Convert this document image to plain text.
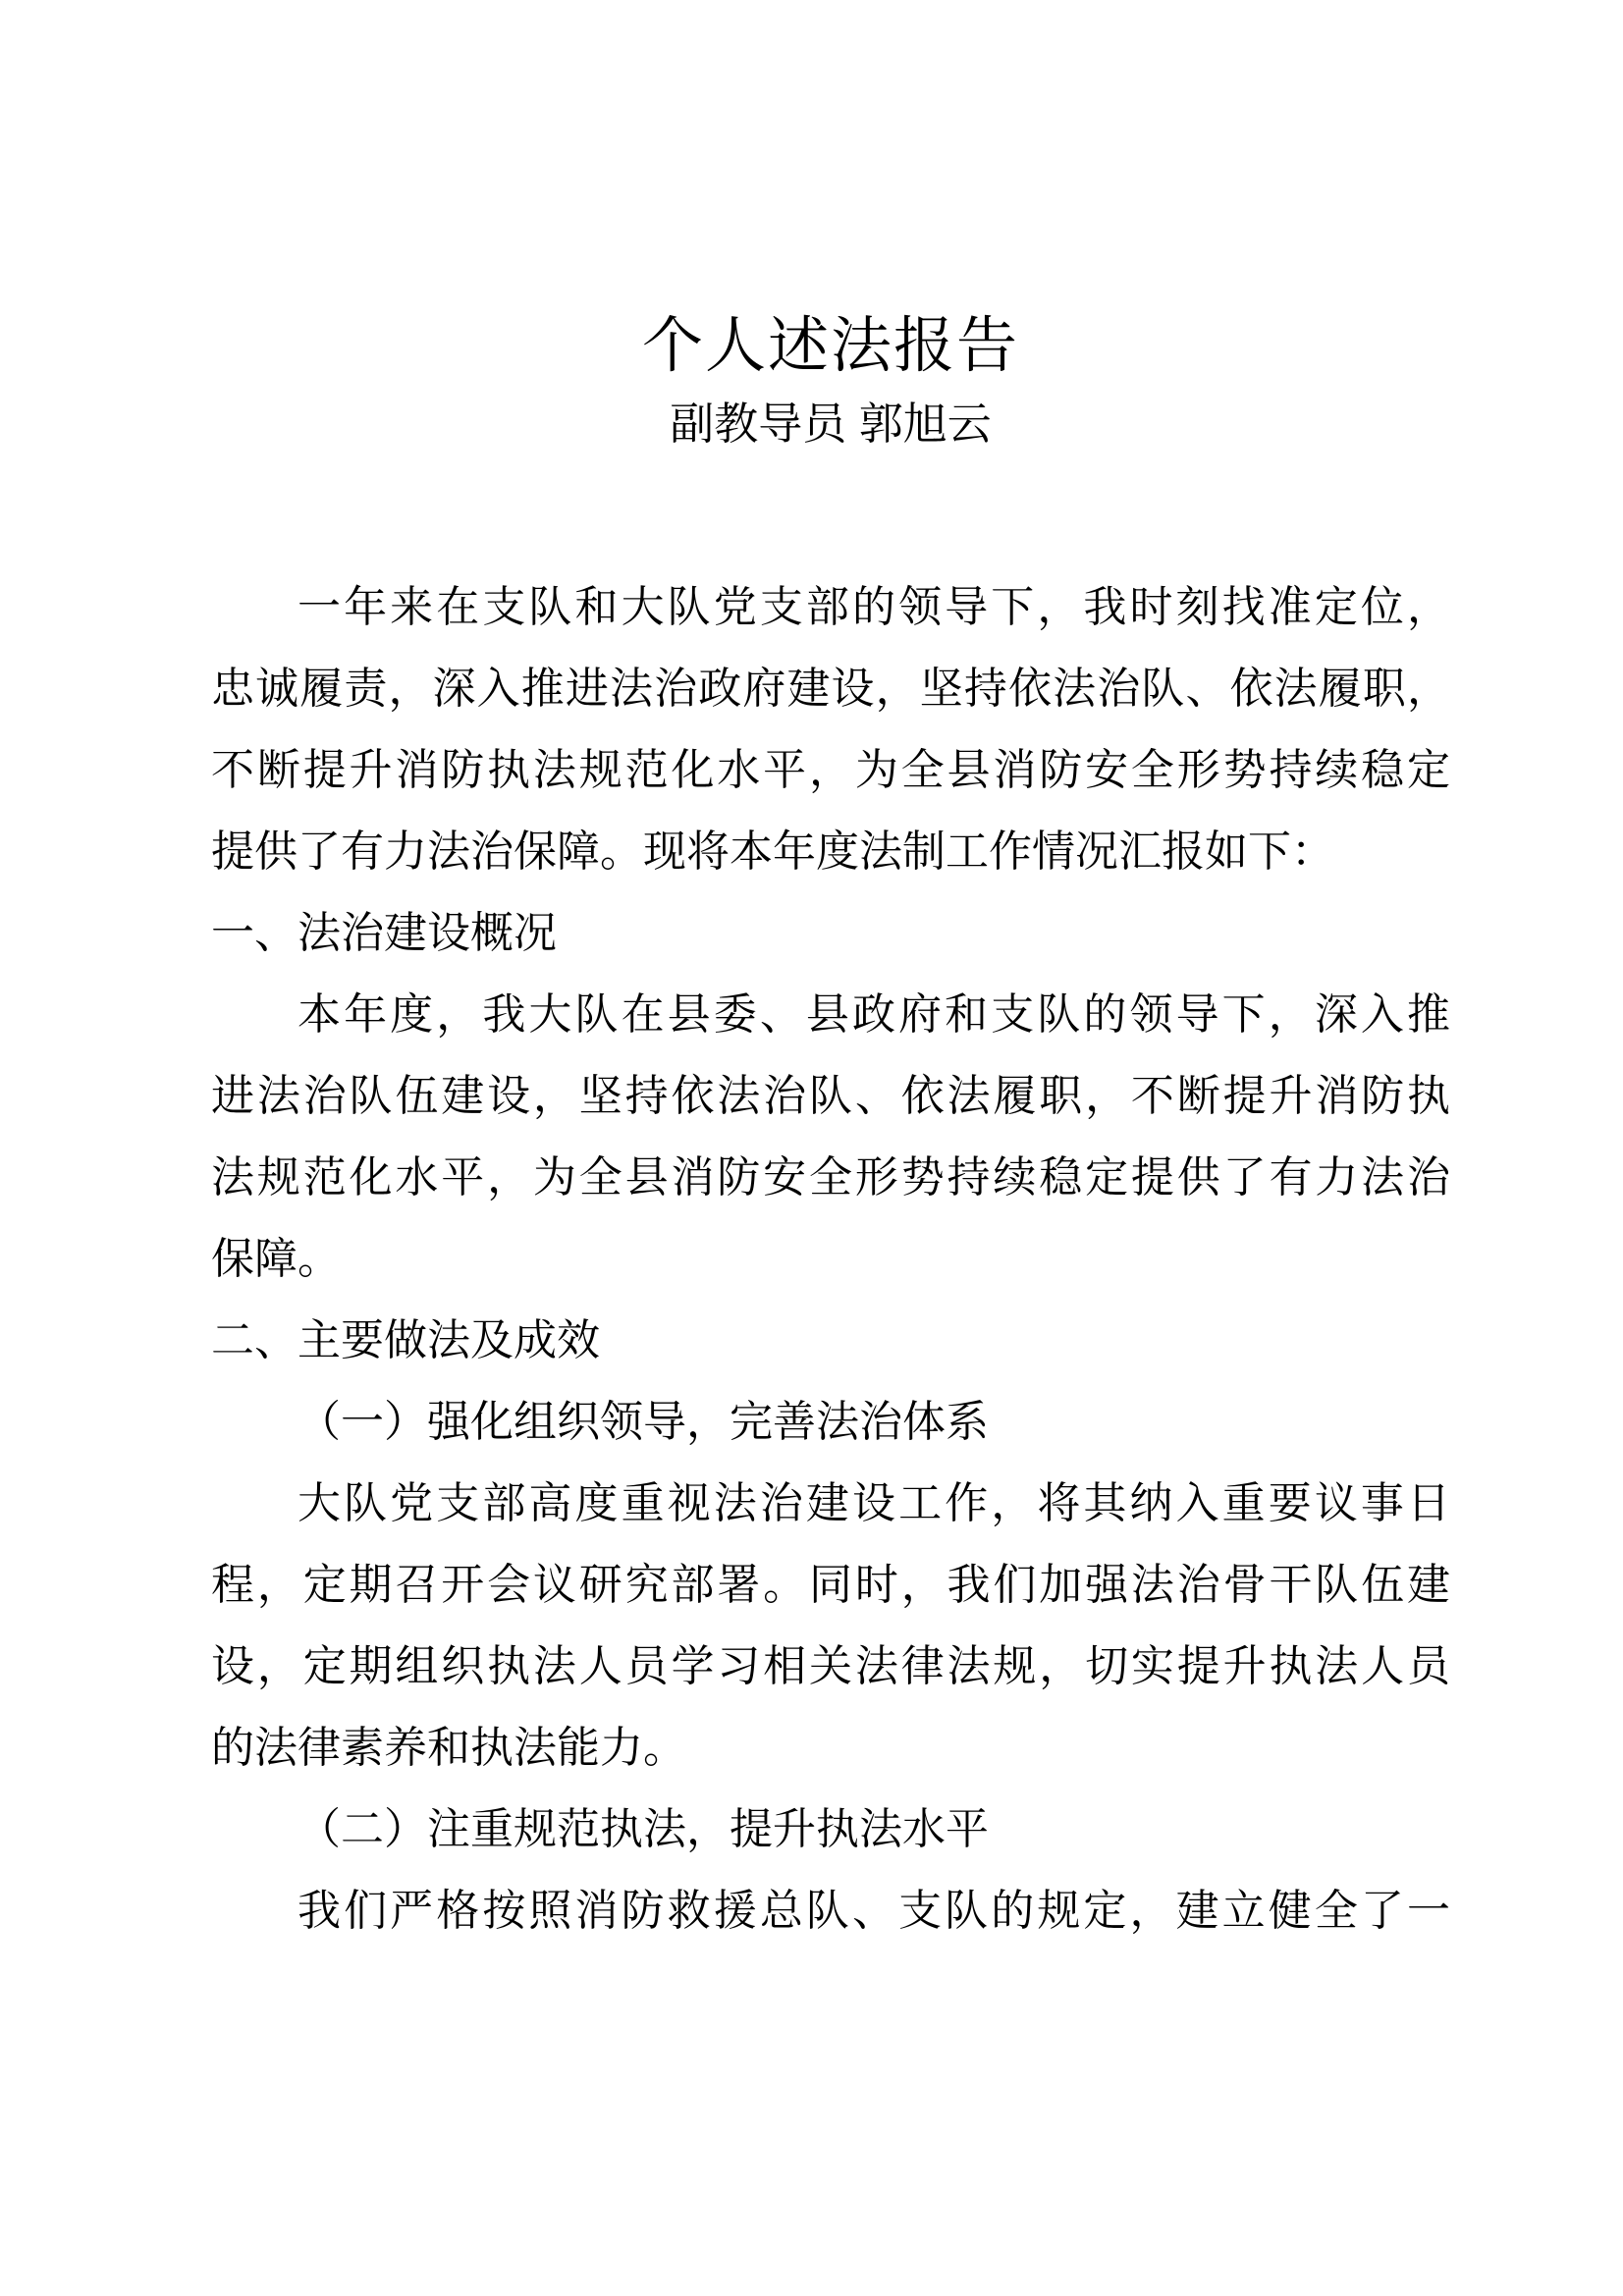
个人述法报告
副教导员 郭旭云
一年来在支队和大队党支部的领导下，我时刻找准定位，
忠诚履责，深入推进法治政府建设，坚持依法治队、依法履职，
不断提升消防执法规范化水平，为全县消防安全形势持续稳定
提供了有力法治保障。现将本年度法制工作情况汇报如下：
一、法治建设概况
本年度，我大队在县委、县政府和支队的领导下，深入推
进法治队伍建设，坚持依法治队、依法履职，不断提升消防执
法规范化水平，为全县消防安全形势持续稳定提供了有力法治
保障。
二、主要做法及成效
（一）强化组织领导，完善法治体系
大队党支部高度重视法治建设工作，将其纳入重要议事日
程，定期召开会议研究部署。同时，我们加强法治骨干队伍建
设，定期组织执法人员学习相关法律法规，切实提升执法人员
的法律素养和执法能力。
（二）注重规范执法，提升执法水平
我们严格按照消防救援总队、支队的规定，建立健全了一
